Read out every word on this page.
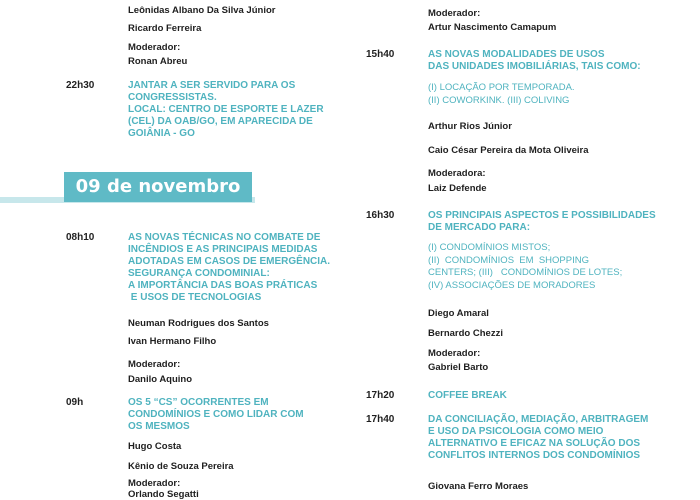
Leônidas Albano Da Silva Júnior
Ricardo Ferreira
Moderador:
Ronan Abreu
22h30	JANTAR A SER SERVIDO PARA OS
CONGRESSISTAS.
LOCAL: CENTRO DE ESPORTE E LAZER
(CEL) DA OAB/GO, EM APARECIDA DE
GOIÂNIA - GO
09 de novembro
08h10	AS NOVAS TÉCNICAS NO COMBATE DE
INCÊNDIOS E AS PRINCIPAIS MEDIDAS
ADOTADAS EM CASOS DE EMERGÊNCIA.
SEGURANÇA CONDOMINIAL:
A IMPORTÂNCIA DAS BOAS PRÁTICAS
E USOS DE TECNOLOGIAS
Neuman Rodrigues dos Santos
Ivan Hermano Filho
Moderador:
Danilo Aquino
09h	OS 5 “CS” OCORRENTES EM
CONDOMÍNIOS E COMO LIDAR COM
OS MESMOS
Hugo Costa
Kênio de Souza Pereira
Moderador:
Orlando Segatti
Moderador:
Artur Nascimento Camapum
15h40	AS NOVAS MODALIDADES DE USOS
DAS UNIDADES IMOBILIÁRIAS, TAIS COMO:
(I) LOCAÇÃO POR TEMPORADA.
(II) COWORKINK. (III) COLIVING
Arthur Rios Júnior
Caio César Pereira da Mota Oliveira
Moderadora:
Laiz Defende
16h30	OS PRINCIPAIS ASPECTOS E POSSIBILIDADES
DE MERCADO PARA:
(I) CONDOMÍNIOS MISTOS;
(II)  CONDOMÍNIOS  EM  SHOPPING
CENTERS; (III)   CONDOMÍNIOS DE LOTES;
(IV) ASSOCIAÇÕES DE MORADORES
Diego Amaral
Bernardo Chezzi
Moderador:
Gabriel Barto
17h20	COFFEE BREAK
17h40	DA CONCILIAÇÃO, MEDIAÇÃO, ARBITRAGEM
E USO DA PSICOLOGIA COMO MEIO
ALTERNATIVO E EFICAZ NA SOLUÇÃO DOS
CONFLITOS INTERNOS DOS CONDOMÍNIOS
Giovana Ferro Moraes
